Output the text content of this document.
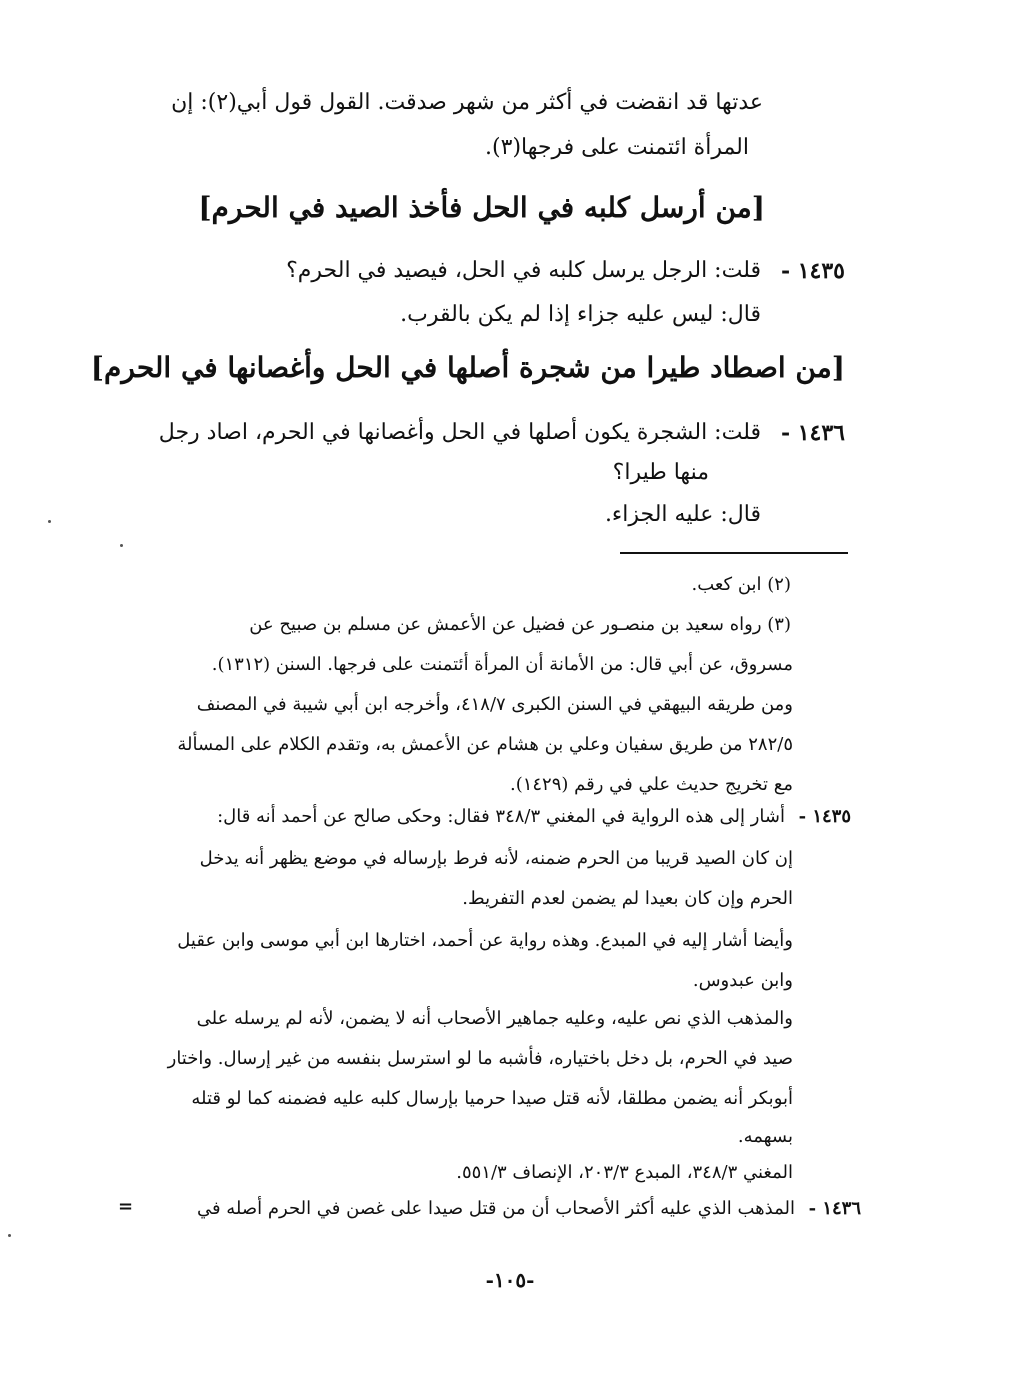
عدتها قد انقضت في أكثر من شهر صدقت. القول قول أبي(٢): إن
المرأة ائتمنت على فرجها(٣).
[من أرسل كلبه في الحل فأخذ الصيد في الحرم]
١٤٣٥ -
قلت: الرجل يرسل كلبه في الحل، فيصيد في الحرم؟
قال: ليس عليه جزاء إذا لم يكن بالقرب.
[من اصطاد طيرا من شجرة أصلها في الحل وأغصانها في الحرم]
١٤٣٦ -
قلت: الشجرة يكون أصلها في الحل وأغصانها في الحرم، اصاد رجل
منها طيرا؟
قال: عليه الجزاء.
(٢) ابن كعب.
(٣) رواه سعيد بن منصـور عن فضيل عن الأعمش عن مسلم بن صبيح عن
مسروق، عن أبي قال: من الأمانة أن المرأة أئتمنت على فرجها. السنن (١٣١٢).
ومن طريقه البيهقي في السنن الكبرى ٤١٨/٧، وأخرجه ابن أبي شيبة في المصنف
٢٨٢/٥ من طريق سفيان وعلي بن هشام عن الأعمش به، وتقدم الكلام على المسألة
مع تخريج حديث علي في رقم (١٤٢٩).
١٤٣٥ -
أشار إلى هذه الرواية في المغني ٣٤٨/٣ فقال: وحكى صالح عن أحمد أنه قال:
إن كان الصيد قريبا من الحرم ضمنه، لأنه فرط بإرساله في موضع يظهر أنه يدخل
الحرم وإن كان بعيدا لم يضمن لعدم التفريط.
وأيضا أشار إليه في المبدع. وهذه رواية عن أحمد، اختارها ابن أبي موسى وابن عقيل
وابن عبدوس.
والمذهب الذي نص عليه، وعليه جماهير الأصحاب أنه لا يضمن، لأنه لم يرسله على
صيد في الحرم، بل دخل باختياره، فأشبه ما لو استرسل بنفسه من غير إرسال. واختار
أبوبكر أنه يضمن مطلقا، لأنه قتل صيدا حرميا بإرسال كلبه عليه فضمنه كما لو قتله
بسهمه.
المغني ٣٤٨/٣، المبدع ٢٠٣/٣، الإنصاف ٥٥١/٣.
١٤٣٦ -
المذهب الذي عليه أكثر الأصحاب أن من قتل صيدا على غصن في الحرم أصله في
=
-١٠٥-
